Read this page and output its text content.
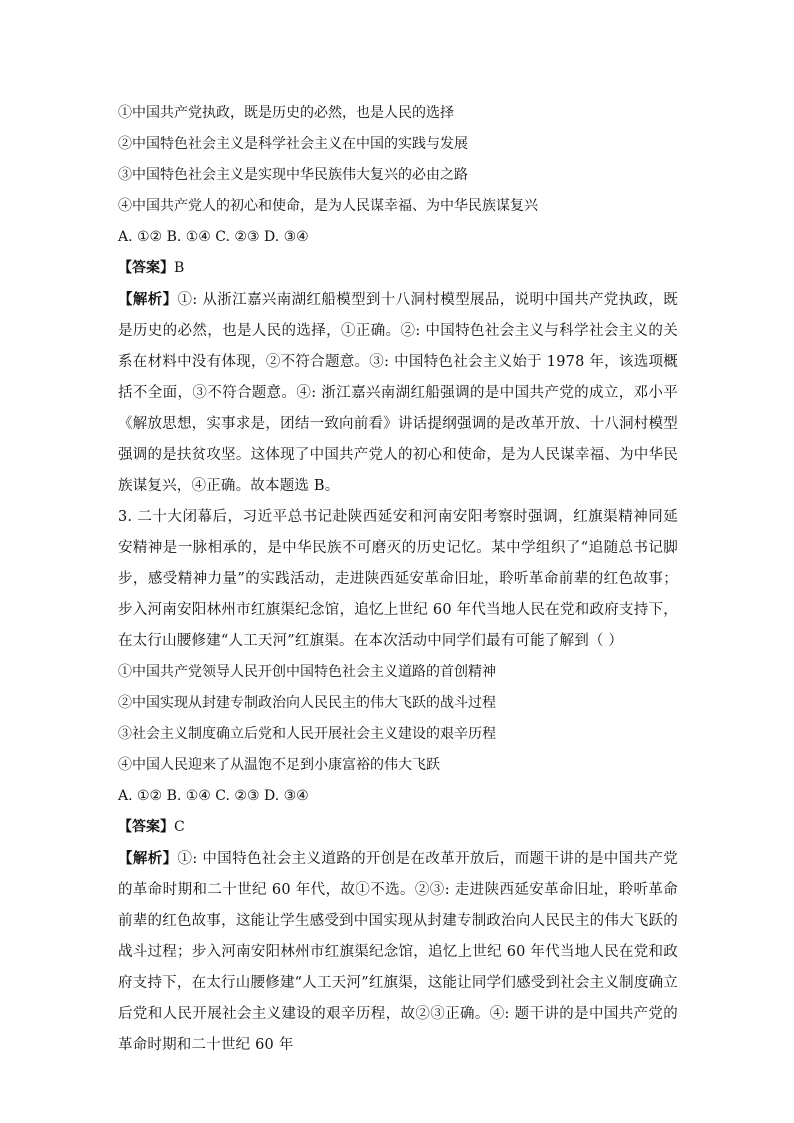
①中国共产党执政，既是历史的必然，也是人民的选择

②中国特色社会主义是科学社会主义在中国的实践与发展

③中国特色社会主义是实现中华民族伟大复兴的必由之路

④中国共产党人的初心和使命，是为人民谋幸福、为中华民族谋复兴

A. ①② B. ①④ C. ②③ D. ③④

【答案】B

【解析】①: 从浙江嘉兴南湖红船模型到十八洞村模型展品，说明中国共产党执政，既是历史的必然，也是人民的选择，①正确。②: 中国特色社会主义与科学社会主义的关系在材料中没有体现，②不符合题意。③: 中国特色社会主义始于 1978 年，该选项概括不全面，③不符合题意。④: 浙江嘉兴南湖红船强调的是中国共产党的成立，邓小平《解放思想，实事求是，团结一致向前看》讲话提纲强调的是改革开放、十八洞村模型强调的是扶贫攻坚。这体现了中国共产党人的初心和使命，是为人民谋幸福、为中华民族谋复兴，④正确。故本题选 B。

3. 二十大闭幕后，习近平总书记赴陕西延安和河南安阳考察时强调，红旗渠精神同延安精神是一脉相承的，是中华民族不可磨灭的历史记忆。某中学组织了“追随总书记脚步，感受精神力量”的实践活动，走进陕西延安革命旧址，聆听革命前辈的红色故事；步入河南安阳林州市红旗渠纪念馆，追忆上世纪 60 年代当地人民在党和政府支持下，在太行山腰修建“人工天河”红旗渠。在本次活动中同学们最有可能了解到（ ）

①中国共产党领导人民开创中国特色社会主义道路的首创精神

②中国实现从封建专制政治向人民民主的伟大飞跃的战斗过程

③社会主义制度确立后党和人民开展社会主义建设的艰辛历程

④中国人民迎来了从温饱不足到小康富裕的伟大飞跃

A. ①② B. ①④ C. ②③ D. ③④

【答案】C

【解析】①: 中国特色社会主义道路的开创是在改革开放后，而题干讲的是中国共产党的革命时期和二十世纪 60 年代，故①不选。②③: 走进陕西延安革命旧址，聆听革命前辈的红色故事，这能让学生感受到中国实现从封建专制政治向人民民主的伟大飞跃的战斗过程；步入河南安阳林州市红旗渠纪念馆，追忆上世纪 60 年代当地人民在党和政府支持下，在太行山腰修建“人工天河”红旗渠，这能让同学们感受到社会主义制度确立后党和人民开展社会主义建设的艰辛历程，故②③正确。④: 题干讲的是中国共产党的革命时期和二十世纪 60 年
